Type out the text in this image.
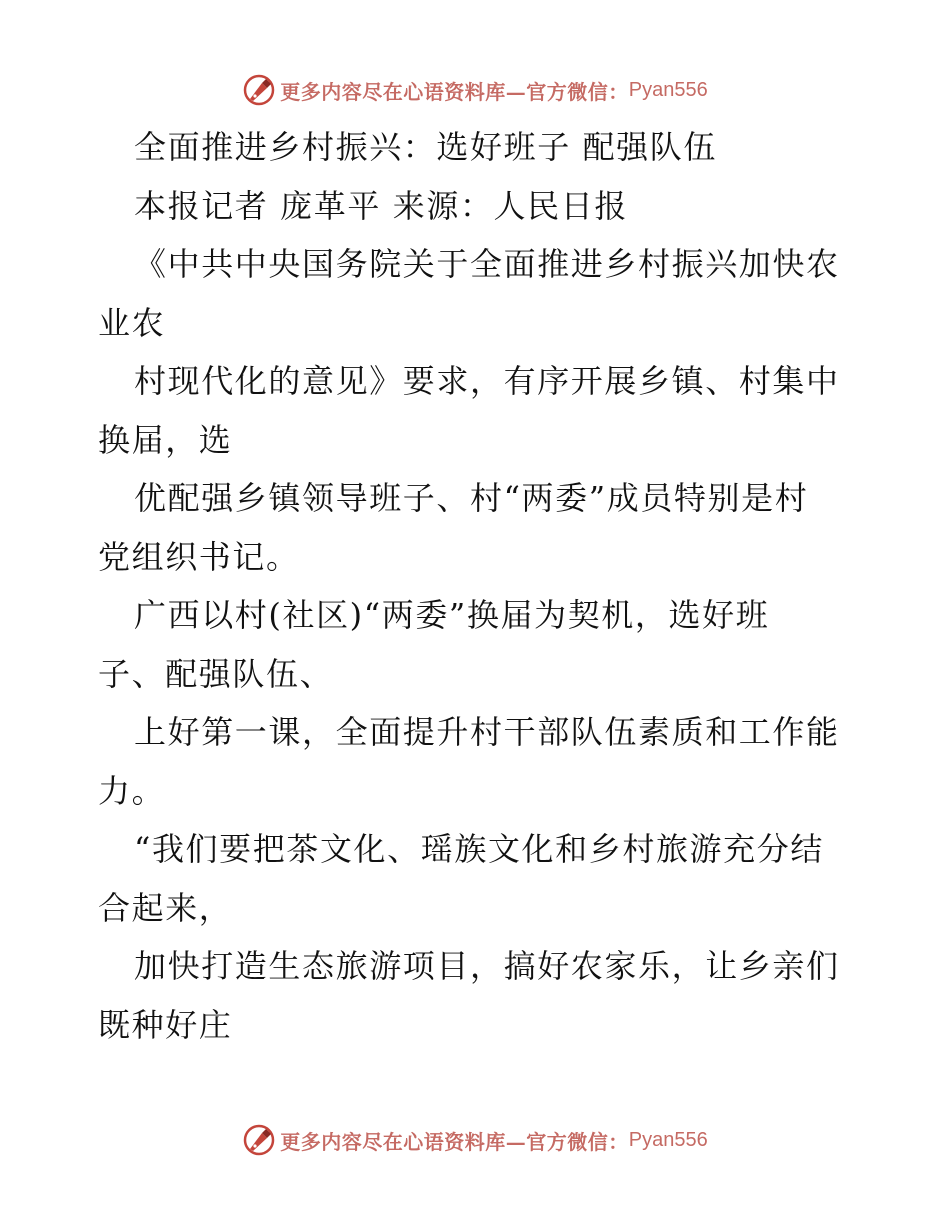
更多内容尽在心语资料库—官方微信： Pyan556
全面推进乡村振兴：选好班子 配强队伍
本报记者 庞革平 来源：人民日报
《中共中央国务院关于全面推进乡村振兴加快农
业农
村现代化的意见》要求，有序开展乡镇、村集中
换届，选
优配强乡镇领导班子、村“两委”成员特别是村
党组织书记。
广西以村(社区)“两委”换届为契机，选好班
子、配强队伍、
上好第一课，全面提升村干部队伍素质和工作能
力。
“我们要把茶文化、瑶族文化和乡村旅游充分结
合起来，
加快打造生态旅游项目，搞好农家乐，让乡亲们
既种好庄
更多内容尽在心语资料库—官方微信： Pyan556
